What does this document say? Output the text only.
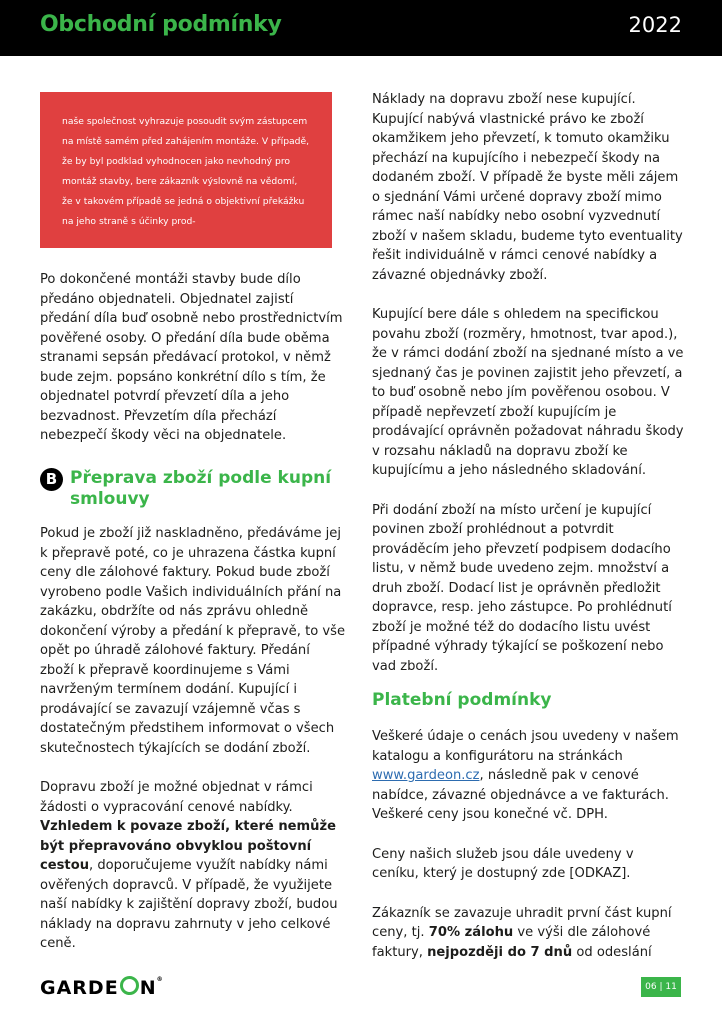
Obchodní podmínky	2022

naše společnost vyhrazuje posoudit svým zástupcem na místě samém před zahájením montáže. V případě, že by byl podklad vyhodnocen jako nevhodný pro montáž stavby, bere zákazník výslovně na vědomí, že v takovém případě se jedná o objektivní překážku na jeho straně s účinky prod-

Po dokončené montáži stavby bude dílo předáno objednateli. Objednatel zajistí předání díla buď osobně nebo prostřednictvím pověřené osoby. O předání díla bude oběma stranami sepsán předávací protokol, v němž bude zejm. popsáno konkrétní dílo s tím, že objednatel potvrdí převzetí díla a jeho bezvadnost. Převzetím díla přechází nebezpečí škody věci na objednatele.

B Přeprava zboží podle kupní smlouvy

Pokud je zboží již naskladněno, předáváme jej k přepravě poté, co je uhrazena částka kupní ceny dle zálohové faktury. Pokud bude zboží vyrobeno podle Vašich individuálních přání na zakázku, obdržíte od nás zprávu ohledně dokončení výroby a předání k přepravě, to vše opět po úhradě zálohové faktury. Předání zboží k přepravě koordinujeme s Vámi navrženým termínem dodání. Kupující i prodávající se zavazují vzájemně včas s dostatečným předstihem informovat o všech skutečnostech týkajících se dodání zboží.

Dopravu zboží je možné objednat v rámci žádosti o vypracování cenové nabídky. Vzhledem k povaze zboží, které nemůže být přepravováno obvyklou poštovní cestou, doporučujeme využít nabídky námi ověřených dopravců. V případě, že využijete naší nabídky k zajištění dopravy zboží, budou náklady na dopravu zahrnuty v jeho celkové ceně.

Náklady na dopravu zboží nese kupující. Kupující nabývá vlastnické právo ke zboží okamžikem jeho převzetí, k tomuto okamžiku přechází na kupujícího i nebezpečí škody na dodaném zboží. V případě že byste měli zájem o sjednání Vámi určené dopravy zboží mimo rámec naší nabídky nebo osobní vyzvednutí zboží v našem skladu, budeme tyto eventuality řešit individuálně v rámci cenové nabídky a závazné objednávky zboží.

Kupující bere dále s ohledem na specifickou povahu zboží (rozměry, hmotnost, tvar apod.), že v rámci dodání zboží na sjednané místo a ve sjednaný čas je povinen zajistit jeho převzetí, a to buď osobně nebo jím pověřenou osobou. V případě nepřevzetí zboží kupujícím je prodávající oprávněn požadovat náhradu škody v rozsahu nákladů na dopravu zboží ke kupujícímu a jeho následného skladování.

Při dodání zboží na místo určení je kupující povinen zboží prohlédnout a potvrdit prováděcím jeho převzetí podpisem dodacího listu, v němž bude uvedeno zejm. množství a druh zboží. Dodací list je oprávněn předložit dopravce, resp. jeho zástupce. Po prohlédnutí zboží je možné též do dodacího listu uvést případné výhrady týkající se poškození nebo vad zboží.

Platební podmínky

Veškeré údaje o cenách jsou uvedeny v našem katalogu a konfigurátoru na stránkách www.gardeon.cz, následně pak v cenové nabídce, závazné objednávce a ve fakturách. Veškeré ceny jsou konečné vč. DPH.

Ceny našich služeb jsou dále uvedeny v ceníku, který je dostupný zde [ODKAZ].

Zákazník se zavazuje uhradit první část kupní ceny, tj. 70% zálohu ve výši dle zálohové faktury, nejpozději do 7 dnů od odeslání

GARDE N®
06 | 11
